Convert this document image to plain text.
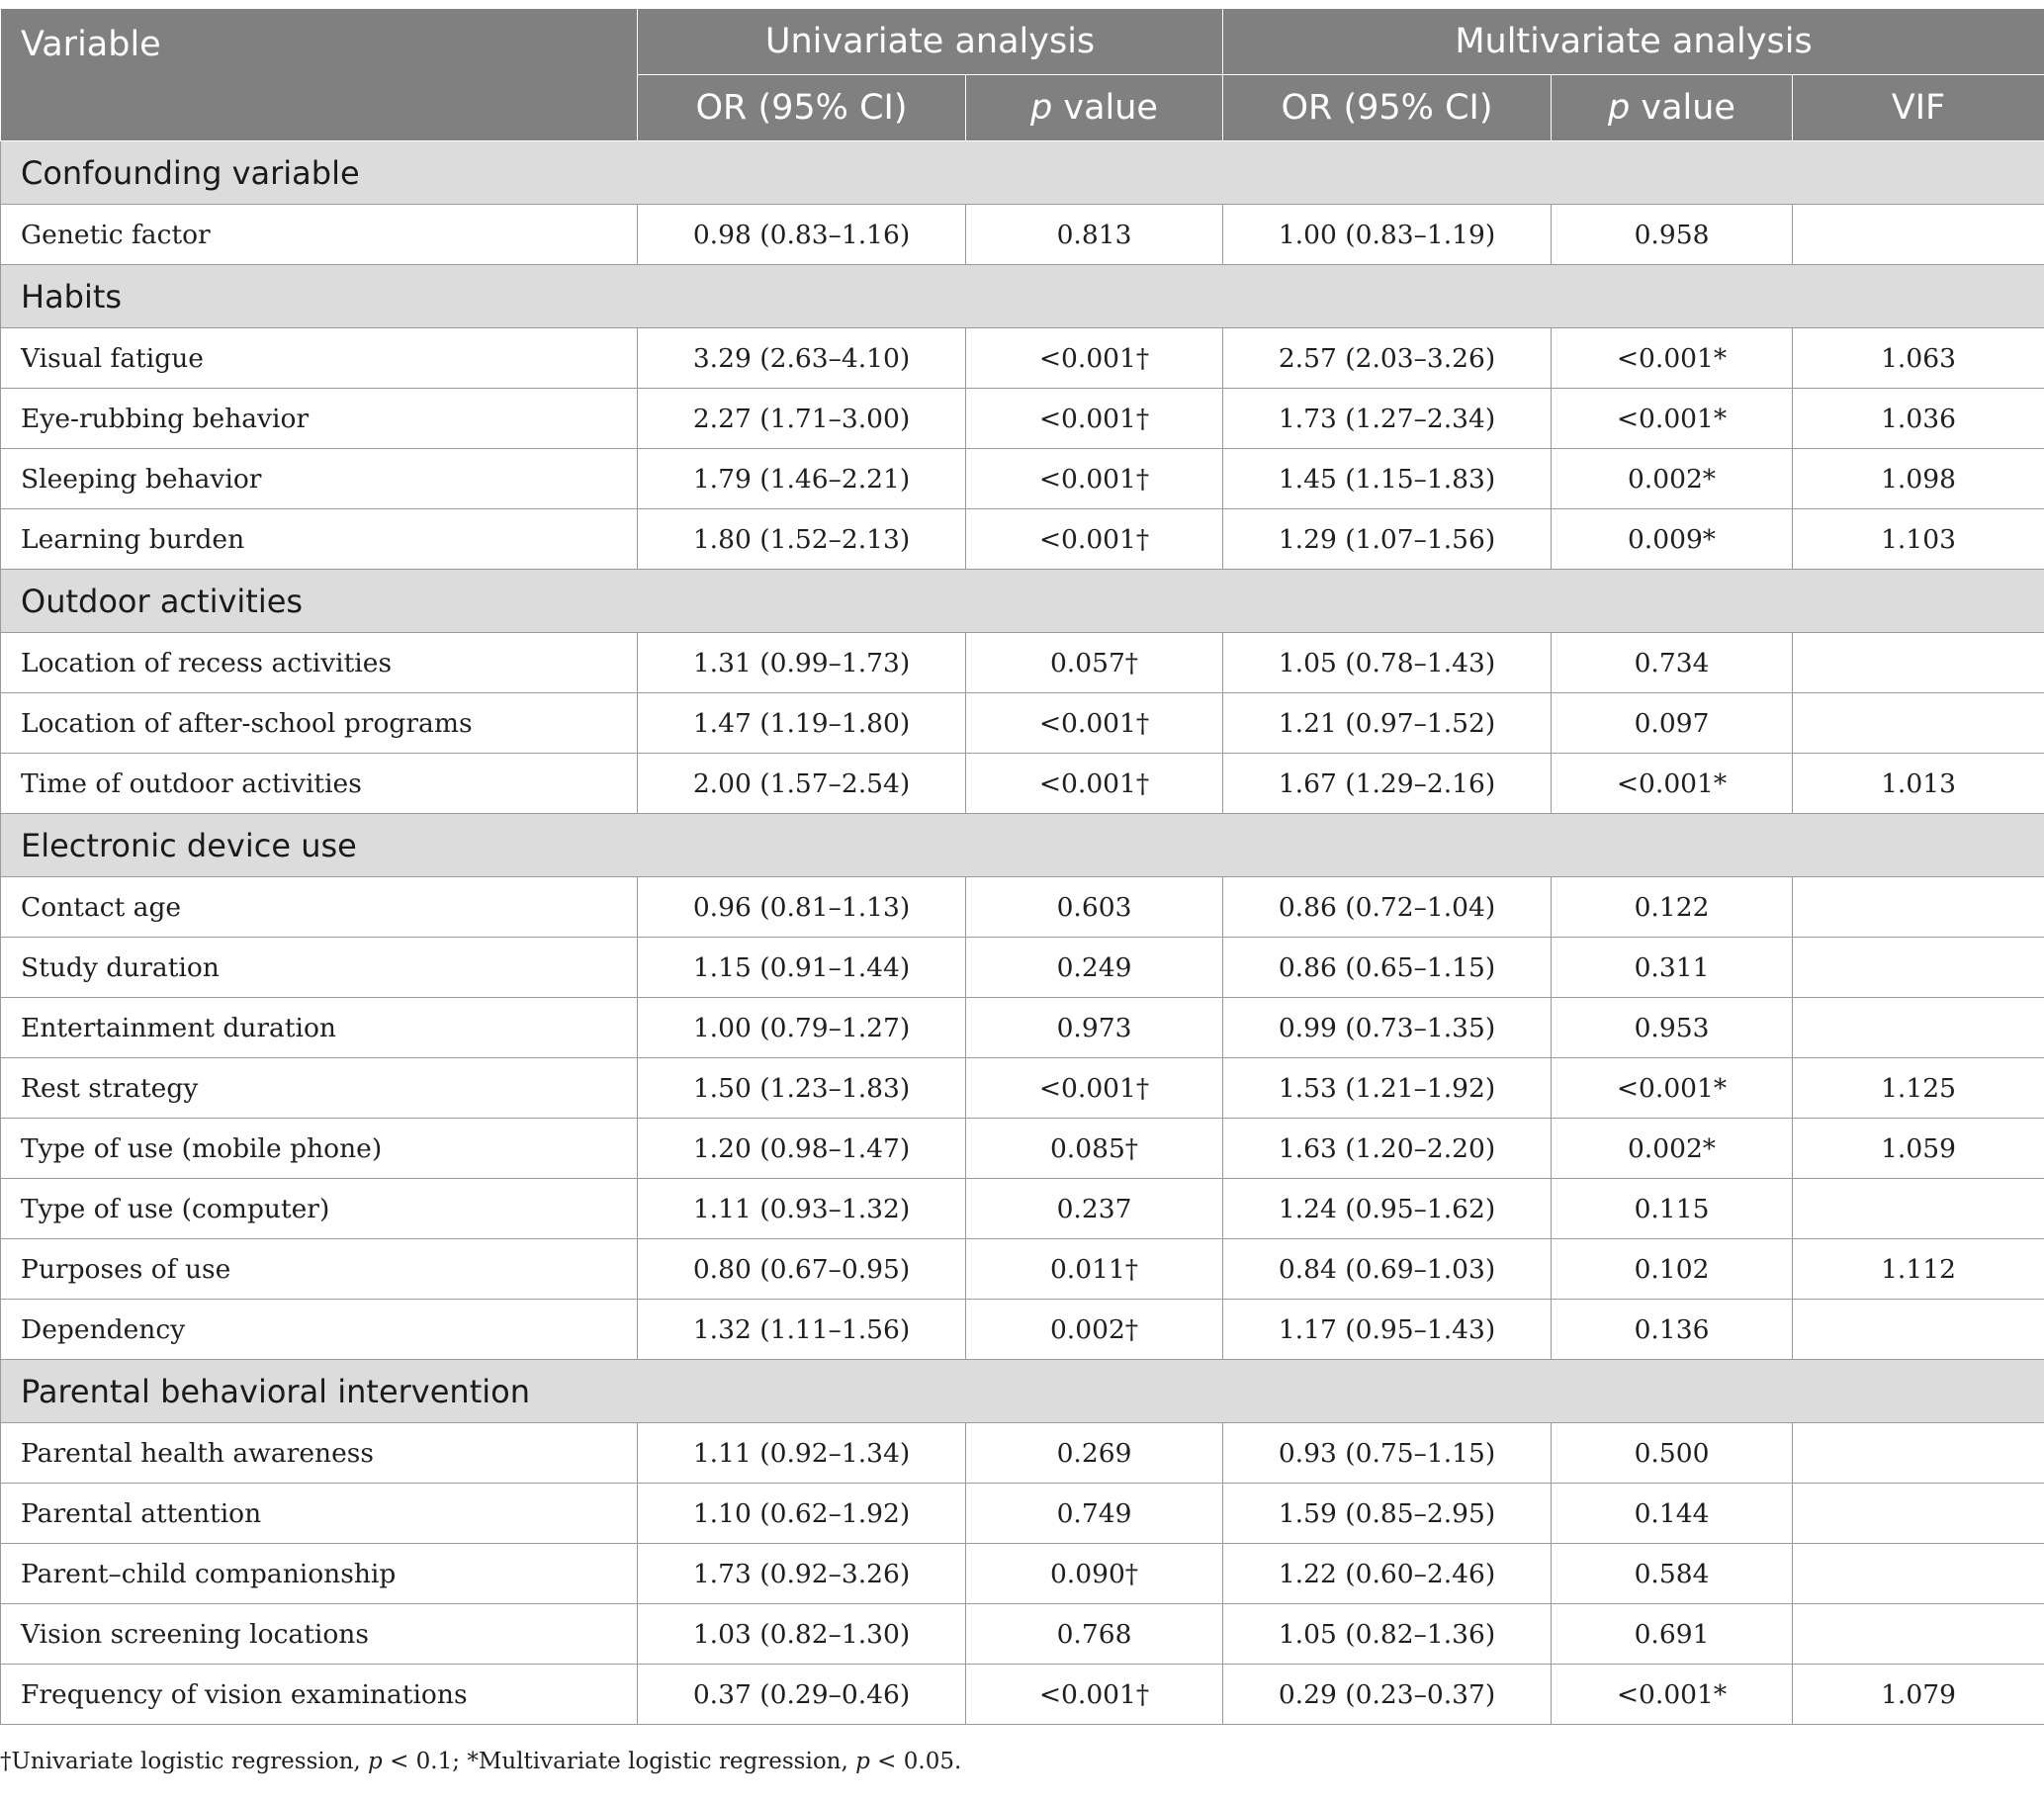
Variable	Univariate analysis		Multivariate analysis		
	OR (95% CI)	p value	OR (95% CI)	p value	VIF
Confounding variable					
Genetic factor	0.98 (0.83–1.16)	0.813	1.00 (0.83–1.19)	0.958	
Habits					
Visual fatigue	3.29 (2.63–4.10)	<0.001†	2.57 (2.03–3.26)	<0.001*	1.063
Eye-rubbing behavior	2.27 (1.71–3.00)	<0.001†	1.73 (1.27–2.34)	<0.001*	1.036
Sleeping behavior	1.79 (1.46–2.21)	<0.001†	1.45 (1.15–1.83)	0.002*	1.098
Learning burden	1.80 (1.52–2.13)	<0.001†	1.29 (1.07–1.56)	0.009*	1.103
Outdoor activities					
Location of recess activities	1.31 (0.99–1.73)	0.057†	1.05 (0.78–1.43)	0.734	
Location of after-school programs	1.47 (1.19–1.80)	<0.001†	1.21 (0.97–1.52)	0.097	
Time of outdoor activities	2.00 (1.57–2.54)	<0.001†	1.67 (1.29–2.16)	<0.001*	1.013
Electronic device use					
Contact age	0.96 (0.81–1.13)	0.603	0.86 (0.72–1.04)	0.122	
Study duration	1.15 (0.91–1.44)	0.249	0.86 (0.65–1.15)	0.311	
Entertainment duration	1.00 (0.79–1.27)	0.973	0.99 (0.73–1.35)	0.953	
Rest strategy	1.50 (1.23–1.83)	<0.001†	1.53 (1.21–1.92)	<0.001*	1.125
Type of use (mobile phone)	1.20 (0.98–1.47)	0.085†	1.63 (1.20–2.20)	0.002*	1.059
Type of use (computer)	1.11 (0.93–1.32)	0.237	1.24 (0.95–1.62)	0.115	
Purposes of use	0.80 (0.67–0.95)	0.011†	0.84 (0.69–1.03)	0.102	1.112
Dependency	1.32 (1.11–1.56)	0.002†	1.17 (0.95–1.43)	0.136	
Parental behavioral intervention					
Parental health awareness	1.11 (0.92–1.34)	0.269	0.93 (0.75–1.15)	0.500	
Parental attention	1.10 (0.62–1.92)	0.749	1.59 (0.85–2.95)	0.144	
Parent–child companionship	1.73 (0.92–3.26)	0.090†	1.22 (0.60–2.46)	0.584	
Vision screening locations	1.03 (0.82–1.30)	0.768	1.05 (0.82–1.36)	0.691	
Frequency of vision examinations	0.37 (0.29–0.46)	<0.001†	0.29 (0.23–0.37)	<0.001*	1.079
†Univariate logistic regression, p < 0.1; *Multivariate logistic regression, p < 0.05.
